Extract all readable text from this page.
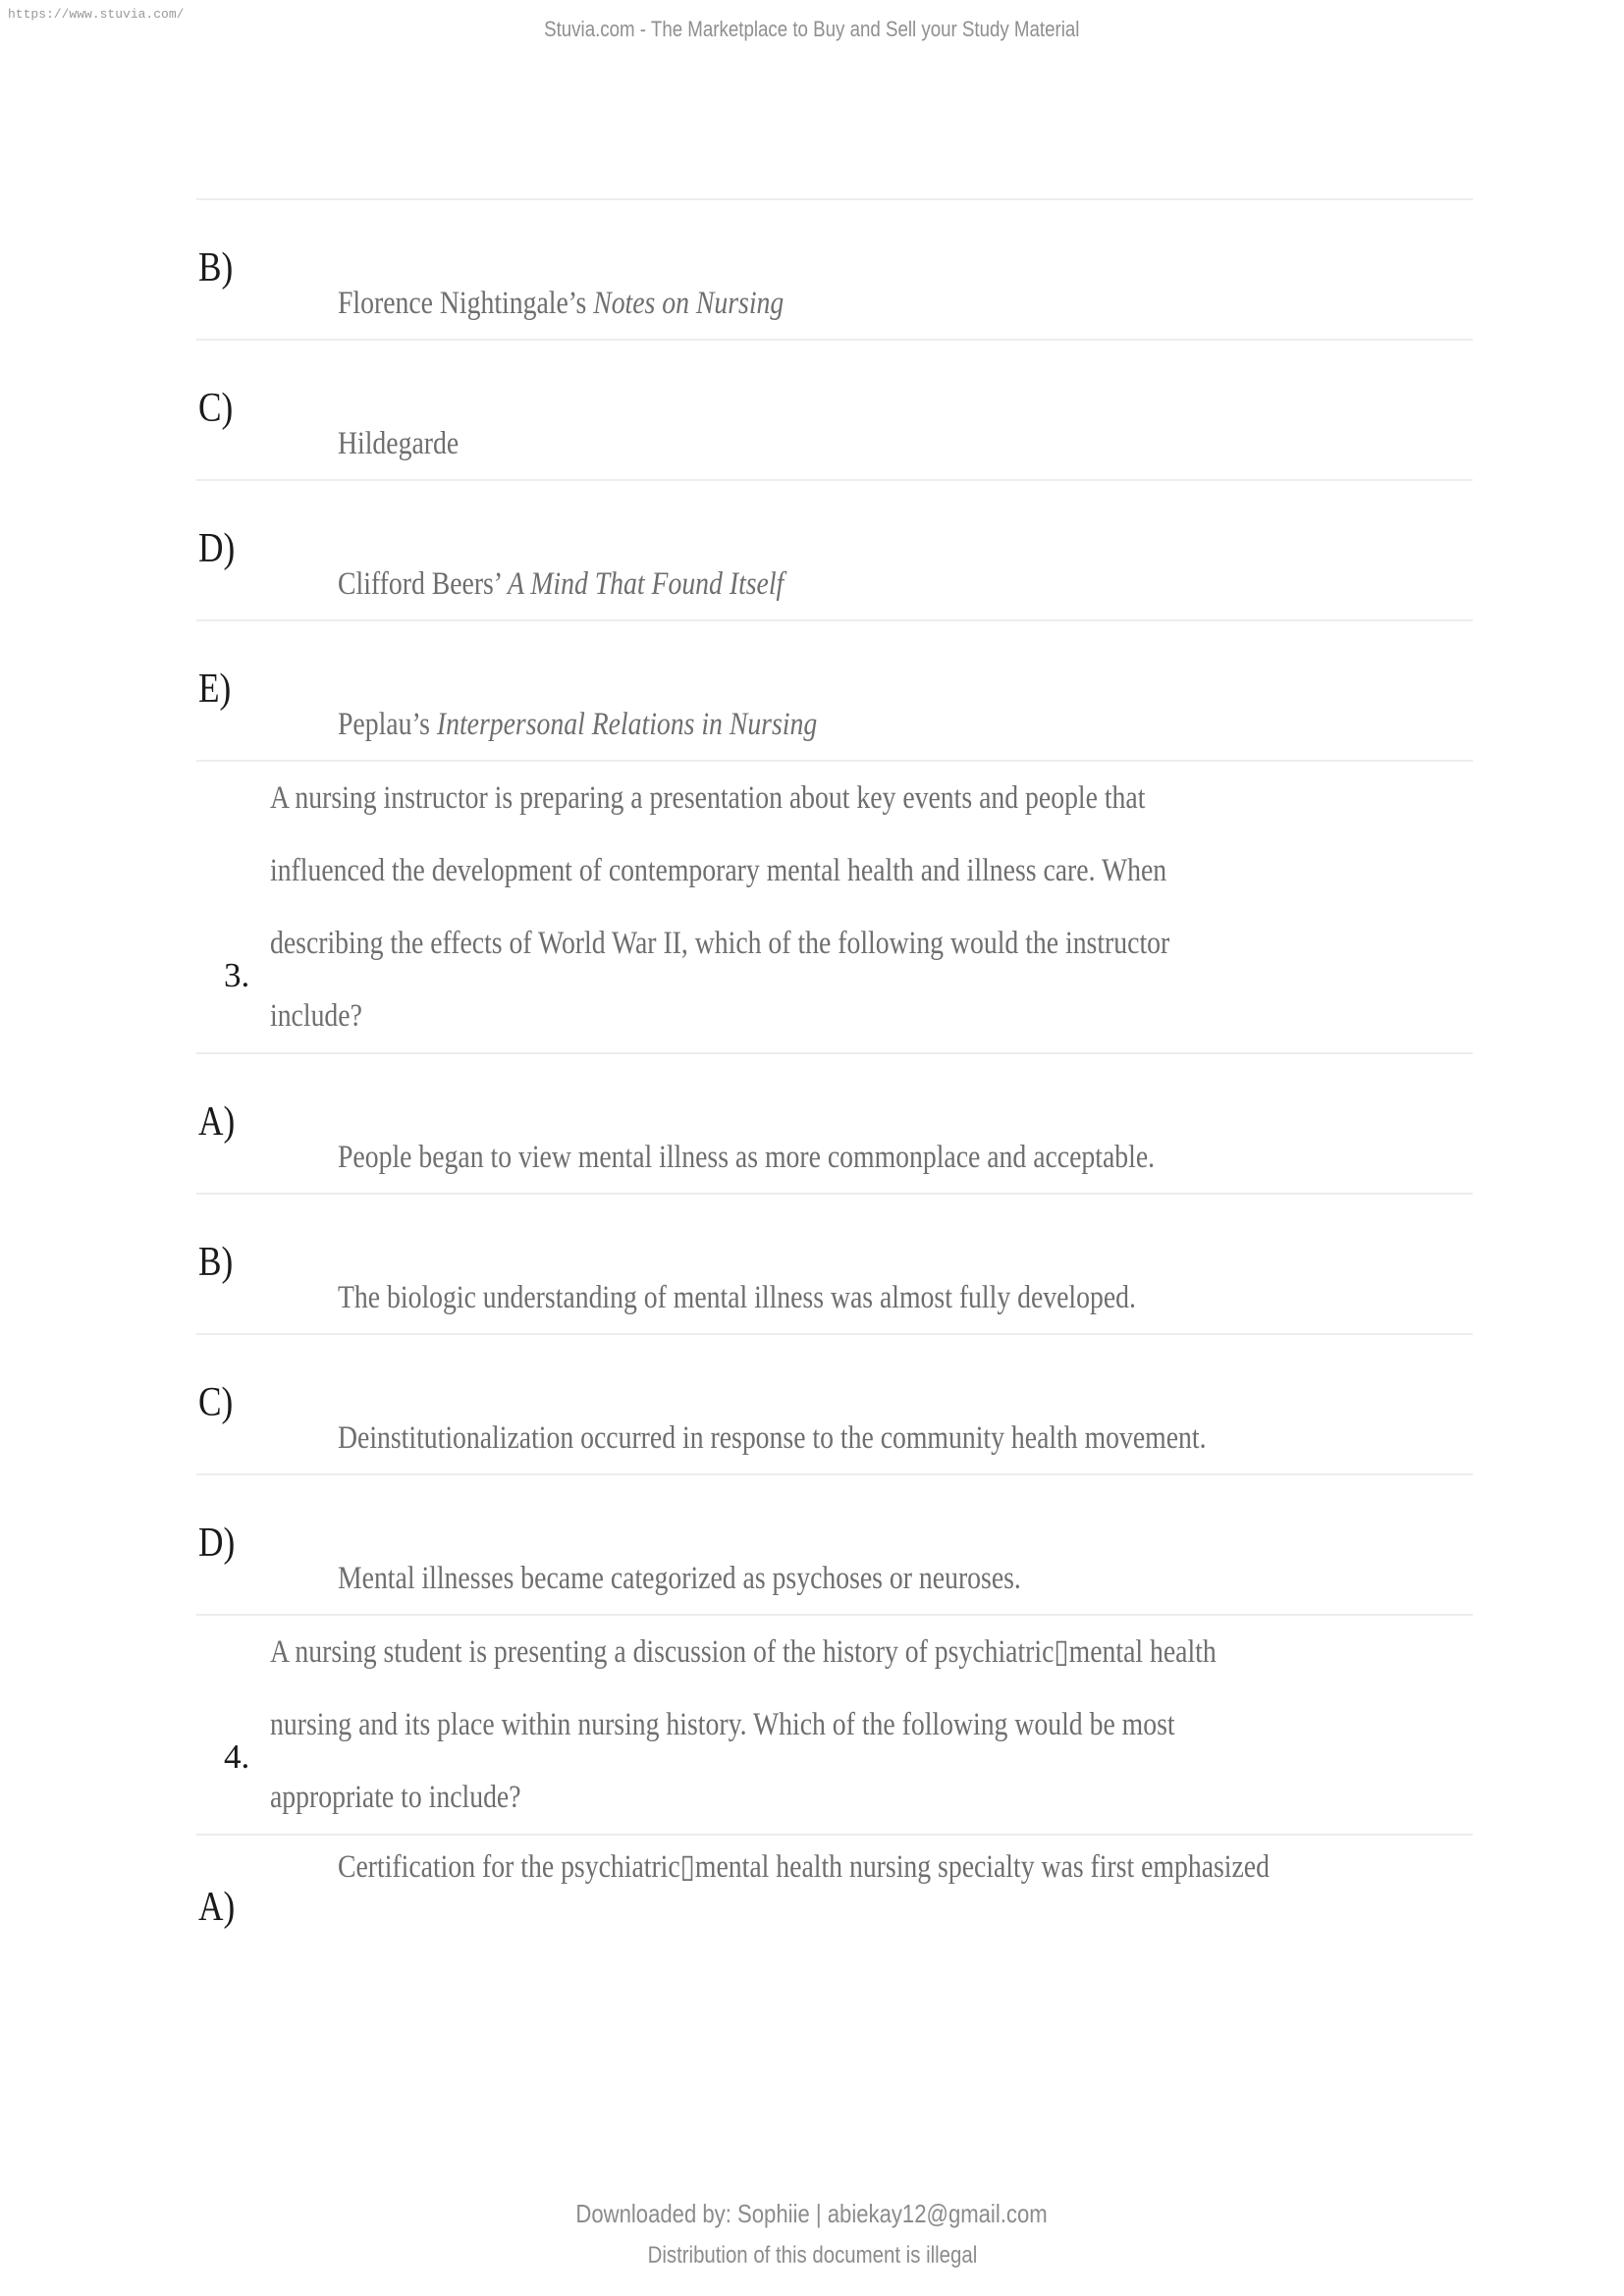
https://www.stuvia.com/
Stuvia.com - The Marketplace to Buy and Sell your Study Material
B)
Florence Nightingale’s Notes on Nursing
C)
Hildegarde
D)
Clifford Beers’ A Mind That Found Itself
E)
Peplau’s Interpersonal Relations in Nursing
3.
A nursing instructor is preparing a presentation about key events and people that
influenced the development of contemporary mental health and illness care. When
describing the effects of World War II, which of the following would the instructor
include?
A)
People began to view mental illness as more commonplace and acceptable.
B)
The biologic understanding of mental illness was almost fully developed.
C)
Deinstitutionalization occurred in response to the community health movement.
D)
Mental illnesses became categorized as psychoses or neuroses.
4.
A nursing student is presenting a discussion of the history of psychiatric▯mental health
nursing and its place within nursing history. Which of the following would be most
appropriate to include?
A)
Certification for the psychiatric▯mental health nursing specialty was first emphasized
Downloaded by: Sophiie | abiekay12@gmail.com
Distribution of this document is illegal
